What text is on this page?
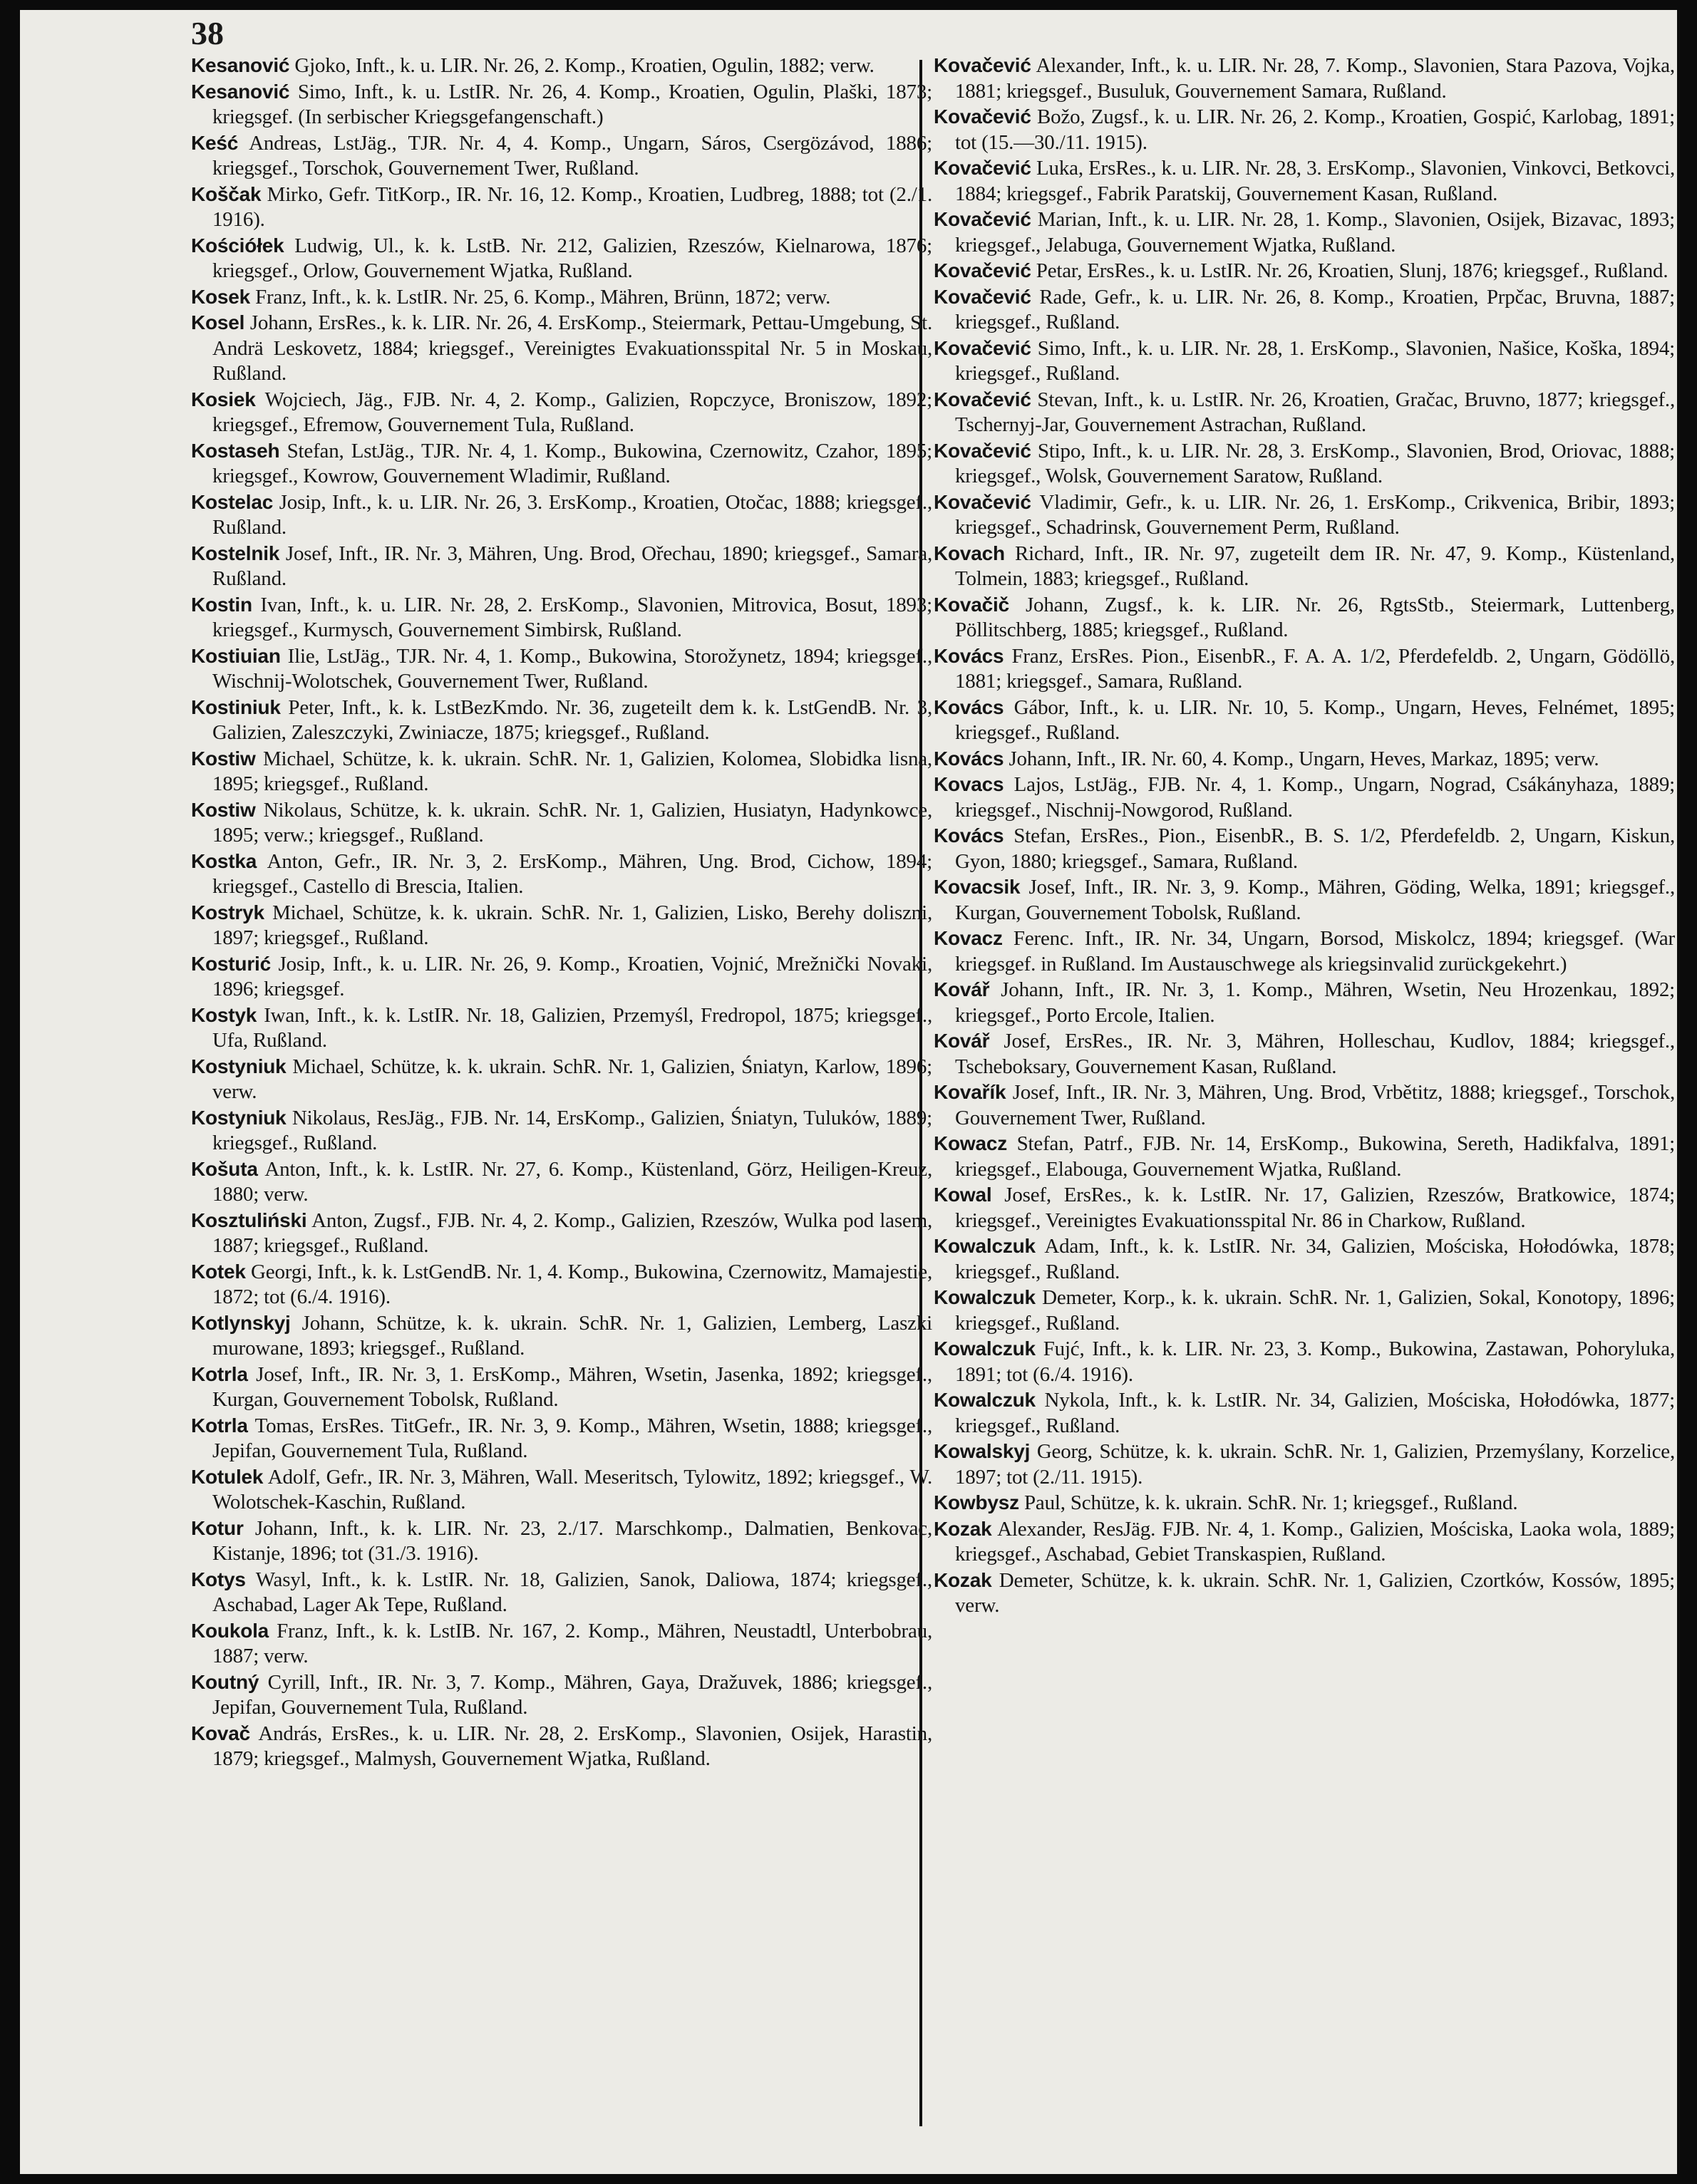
38

Kesanović Gjoko, Inft., k. u. LIR. Nr. 26, 2. Komp., Kroatien, Ogulin, 1882; verw.

Kesanović Simo, Inft., k. u. LstIR. Nr. 26, 4. Komp., Kroatien, Ogulin, Plaški, 1873; kriegsgef. (In serbischer Kriegsgefangenschaft.)

Keść Andreas, LstJäg., TJR. Nr. 4, 4. Komp., Ungarn, Sáros, Csergözávod, 1886; kriegsgef., Torschok, Gouvernement Twer, Rußland.

Koščak Mirko, Gefr. TitKorp., IR. Nr. 16, 12. Komp., Kroatien, Ludbreg, 1888; tot (2./1. 1916).

Kościółek Ludwig, Ul., k. k. LstB. Nr. 212, Galizien, Rzeszów, Kielnarowa, 1876; kriegsgef., Orlow, Gouvernement Wjatka, Rußland.

Kosek Franz, Inft., k. k. LstIR. Nr. 25, 6. Komp., Mähren, Brünn, 1872; verw.

Kosel Johann, ErsRes., k. k. LIR. Nr. 26, 4. ErsKomp., Steiermark, Pettau-Umgebung, St. Andrä Leskovetz, 1884; kriegsgef., Vereinigtes Evakuationsspital Nr. 5 in Moskau, Rußland.

Kosiek Wojciech, Jäg., FJB. Nr. 4, 2. Komp., Galizien, Ropczyce, Broniszow, 1892; kriegsgef., Efremow, Gouvernement Tula, Rußland.

Kostaseh Stefan, LstJäg., TJR. Nr. 4, 1. Komp., Bukowina, Czernowitz, Czahor, 1895; kriegsgef., Kowrow, Gouvernement Wladimir, Rußland.

Kostelac Josip, Inft., k. u. LIR. Nr. 26, 3. ErsKomp., Kroatien, Otočac, 1888; kriegsgef., Rußland.

Kostelnik Josef, Inft., IR. Nr. 3, Mähren, Ung. Brod, Ořechau, 1890; kriegsgef., Samara, Rußland.

Kostin Ivan, Inft., k. u. LIR. Nr. 28, 2. ErsKomp., Slavonien, Mitrovica, Bosut, 1893; kriegsgef., Kurmysch, Gouvernement Simbirsk, Rußland.

Kostiuian Ilie, LstJäg., TJR. Nr. 4, 1. Komp., Bukowina, Storožynetz, 1894; kriegsgef., Wischnij-Wolotschek, Gouvernement Twer, Rußland.

Kostiniuk Peter, Inft., k. k. LstBezKmdo. Nr. 36, zugeteilt dem k. k. LstGendB. Nr. 3, Galizien, Zaleszczyki, Zwiniacze, 1875; kriegsgef., Rußland.

Kostiw Michael, Schütze, k. k. ukrain. SchR. Nr. 1, Galizien, Kolomea, Slobidka lisna, 1895; kriegsgef., Rußland.

Kostiw Nikolaus, Schütze, k. k. ukrain. SchR. Nr. 1, Galizien, Husiatyn, Hadynkowce, 1895; verw.; kriegsgef., Rußland.

Kostka Anton, Gefr., IR. Nr. 3, 2. ErsKomp., Mähren, Ung. Brod, Cichow, 1894; kriegsgef., Castello di Brescia, Italien.

Kostryk Michael, Schütze, k. k. ukrain. SchR. Nr. 1, Galizien, Lisko, Berehy doliszni, 1897; kriegsgef., Rußland.

Kosturić Josip, Inft., k. u. LIR. Nr. 26, 9. Komp., Kroatien, Vojnić, Mrežnički Novaki, 1896; kriegsgef.

Kostyk Iwan, Inft., k. k. LstIR. Nr. 18, Galizien, Przemyśl, Fredropol, 1875; kriegsgef., Ufa, Rußland.

Kostyniuk Michael, Schütze, k. k. ukrain. SchR. Nr. 1, Galizien, Śniatyn, Karlow, 1896; verw.

Kostyniuk Nikolaus, ResJäg., FJB. Nr. 14, ErsKomp., Galizien, Śniatyn, Tulukόw, 1889; kriegsgef., Rußland.

Košuta Anton, Inft., k. k. LstIR. Nr. 27, 6. Komp., Küstenland, Görz, Heiligen-Kreuz, 1880; verw.

Kosztuliński Anton, Zugsf., FJB. Nr. 4, 2. Komp., Galizien, Rzeszów, Wulka pod lasem, 1887; kriegsgef., Rußland.

Kotek Georgi, Inft., k. k. LstGendB. Nr. 1, 4. Komp., Bukowina, Czernowitz, Mamajestie, 1872; tot (6./4. 1916).

Kotlynskyj Johann, Schütze, k. k. ukrain. SchR. Nr. 1, Galizien, Lemberg, Laszki murowane, 1893; kriegsgef., Rußland.

Kotrla Josef, Inft., IR. Nr. 3, 1. ErsKomp., Mähren, Wsetin, Jasenka, 1892; kriegsgef., Kurgan, Gouvernement Tobolsk, Rußland.

Kotrla Tomas, ErsRes. TitGefr., IR. Nr. 3, 9. Komp., Mähren, Wsetin, 1888; kriegsgef., Jepifan, Gouvernement Tula, Rußland.

Kotulek Adolf, Gefr., IR. Nr. 3, Mähren, Wall. Meseritsch, Tylowitz, 1892; kriegsgef., W. Wolotschek-Kaschin, Rußland.

Kotur Johann, Inft., k. k. LIR. Nr. 23, 2./17. Marschkomp., Dalmatien, Benkovac, Kistanje, 1896; tot (31./3. 1916).

Kotys Wasyl, Inft., k. k. LstIR. Nr. 18, Galizien, Sanok, Daliowa, 1874; kriegsgef., Aschabad, Lager Ak Tepe, Rußland.

Koukola Franz, Inft., k. k. LstIB. Nr. 167, 2. Komp., Mähren, Neustadtl, Unterbobrau, 1887; verw.

Koutný Cyrill, Inft., IR. Nr. 3, 7. Komp., Mähren, Gaya, Dražuvek, 1886; kriegsgef., Jepifan, Gouvernement Tula, Rußland.

Kovač András, ErsRes., k. u. LIR. Nr. 28, 2. ErsKomp., Slavonien, Osijek, Harastin, 1879; kriegsgef., Malmysh, Gouvernement Wjatka, Rußland.

Kovačević Alexander, Inft., k. u. LIR. Nr. 28, 7. Komp., Slavonien, Stara Pazova, Vojka, 1881; kriegsgef., Busuluk, Gouvernement Samara, Rußland.

Kovačević Božo, Zugsf., k. u. LIR. Nr. 26, 2. Komp., Kroatien, Gospić, Karlobag, 1891; tot (15.—30./11. 1915).

Kovačević Luka, ErsRes., k. u. LIR. Nr. 28, 3. ErsKomp., Slavonien, Vinkovci, Betkovci, 1884; kriegsgef., Fabrik Paratskij, Gouvernement Kasan, Rußland.

Kovačević Marian, Inft., k. u. LIR. Nr. 28, 1. Komp., Slavonien, Osijek, Bizavac, 1893; kriegsgef., Jelabuga, Gouvernement Wjatka, Rußland.

Kovačević Petar, ErsRes., k. u. LstIR. Nr. 26, Kroatien, Slunj, 1876; kriegsgef., Rußland.

Kovačević Rade, Gefr., k. u. LIR. Nr. 26, 8. Komp., Kroatien, Prpčac, Bruvna, 1887; kriegsgef., Rußland.

Kovačević Simo, Inft., k. u. LIR. Nr. 28, 1. ErsKomp., Slavonien, Našice, Koška, 1894; kriegsgef., Rußland.

Kovačević Stevan, Inft., k. u. LstIR. Nr. 26, Kroatien, Gračac, Bruvno, 1877; kriegsgef., Tschernyj-Jar, Gouvernement Astrachan, Rußland.

Kovačević Stipo, Inft., k. u. LIR. Nr. 28, 3. ErsKomp., Slavonien, Brod, Oriovac, 1888; kriegsgef., Wolsk, Gouvernement Saratow, Rußland.

Kovačević Vladimir, Gefr., k. u. LIR. Nr. 26, 1. ErsKomp., Crikvenica, Bribir, 1893; kriegsgef., Schadrinsk, Gouvernement Perm, Rußland.

Kovach Richard, Inft., IR. Nr. 97, zugeteilt dem IR. Nr. 47, 9. Komp., Küstenland, Tolmein, 1883; kriegsgef., Rußland.

Kovačič Johann, Zugsf., k. k. LIR. Nr. 26, RgtsStb., Steiermark, Luttenberg, Pöllitschberg, 1885; kriegsgef., Rußland.

Kovács Franz, ErsRes. Pion., EisenbR., F. A. A. 1/2, Pferdefeldb. 2, Ungarn, Gödöllö, 1881; kriegsgef., Samara, Rußland.

Kovács Gábor, Inft., k. u. LIR. Nr. 10, 5. Komp., Ungarn, Heves, Felnémet, 1895; kriegsgef., Rußland.

Kovács Johann, Inft., IR. Nr. 60, 4. Komp., Ungarn, Heves, Markaz, 1895; verw.

Kovacs Lajos, LstJäg., FJB. Nr. 4, 1. Komp., Ungarn, Nograd, Csákányhaza, 1889; kriegsgef., Nischnij-Nowgorod, Rußland.

Kovács Stefan, ErsRes., Pion., EisenbR., B. S. 1/2, Pferdefeldb. 2, Ungarn, Kiskun, Gyon, 1880; kriegsgef., Samara, Rußland.

Kovacsik Josef, Inft., IR. Nr. 3, 9. Komp., Mähren, Göding, Welka, 1891; kriegsgef., Kurgan, Gouvernement Tobolsk, Rußland.

Kovacz Ferenc. Inft., IR. Nr. 34, Ungarn, Borsod, Miskolcz, 1894; kriegsgef. (War kriegsgef. in Rußland. Im Austauschwege als kriegsinvalid zurückgekehrt.)

Kovář Johann, Inft., IR. Nr. 3, 1. Komp., Mähren, Wsetin, Neu Hrozenkau, 1892; kriegsgef., Porto Ercole, Italien.

Kovář Josef, ErsRes., IR. Nr. 3, Mähren, Holleschau, Kudlov, 1884; kriegsgef., Tscheboksary, Gouvernement Kasan, Rußland.

Kovařík Josef, Inft., IR. Nr. 3, Mähren, Ung. Brod, Vrbětitz, 1888; kriegsgef., Torschok, Gouvernement Twer, Rußland.

Kowacz Stefan, Patrf., FJB. Nr. 14, ErsKomp., Bukowina, Sereth, Hadikfalva, 1891; kriegsgef., Elabouga, Gouvernement Wjatka, Rußland.

Kowal Josef, ErsRes., k. k. LstIR. Nr. 17, Galizien, Rzeszów, Bratkowice, 1874; kriegsgef., Vereinigtes Evakuationsspital Nr. 86 in Charkow, Rußland.

Kowalczuk Adam, Inft., k. k. LstIR. Nr. 34, Galizien, Mościska, Hołodówka, 1878; kriegsgef., Rußland.

Kowalczuk Demeter, Korp., k. k. ukrain. SchR. Nr. 1, Galizien, Sokal, Konotopy, 1896; kriegsgef., Rußland.

Kowalczuk Fujć, Inft., k. k. LIR. Nr. 23, 3. Komp., Bukowina, Zastawan, Pohoryluka, 1891; tot (6./4. 1916).

Kowalczuk Nykola, Inft., k. k. LstIR. Nr. 34, Galizien, Mościska, Hołodówka, 1877; kriegsgef., Rußland.

Kowalskyj Georg, Schütze, k. k. ukrain. SchR. Nr. 1, Galizien, Przemyślany, Korzelice, 1897; tot (2./11. 1915).

Kowbysz Paul, Schütze, k. k. ukrain. SchR. Nr. 1; kriegsgef., Rußland.

Kozak Alexander, ResJäg. FJB. Nr. 4, 1. Komp., Galizien, Mościska, Laoka wola, 1889; kriegsgef., Aschabad, Gebiet Transkaspien, Rußland.

Kozak Demeter, Schütze, k. k. ukrain. SchR. Nr. 1, Galizien, Czortków, Kossów, 1895; verw.
